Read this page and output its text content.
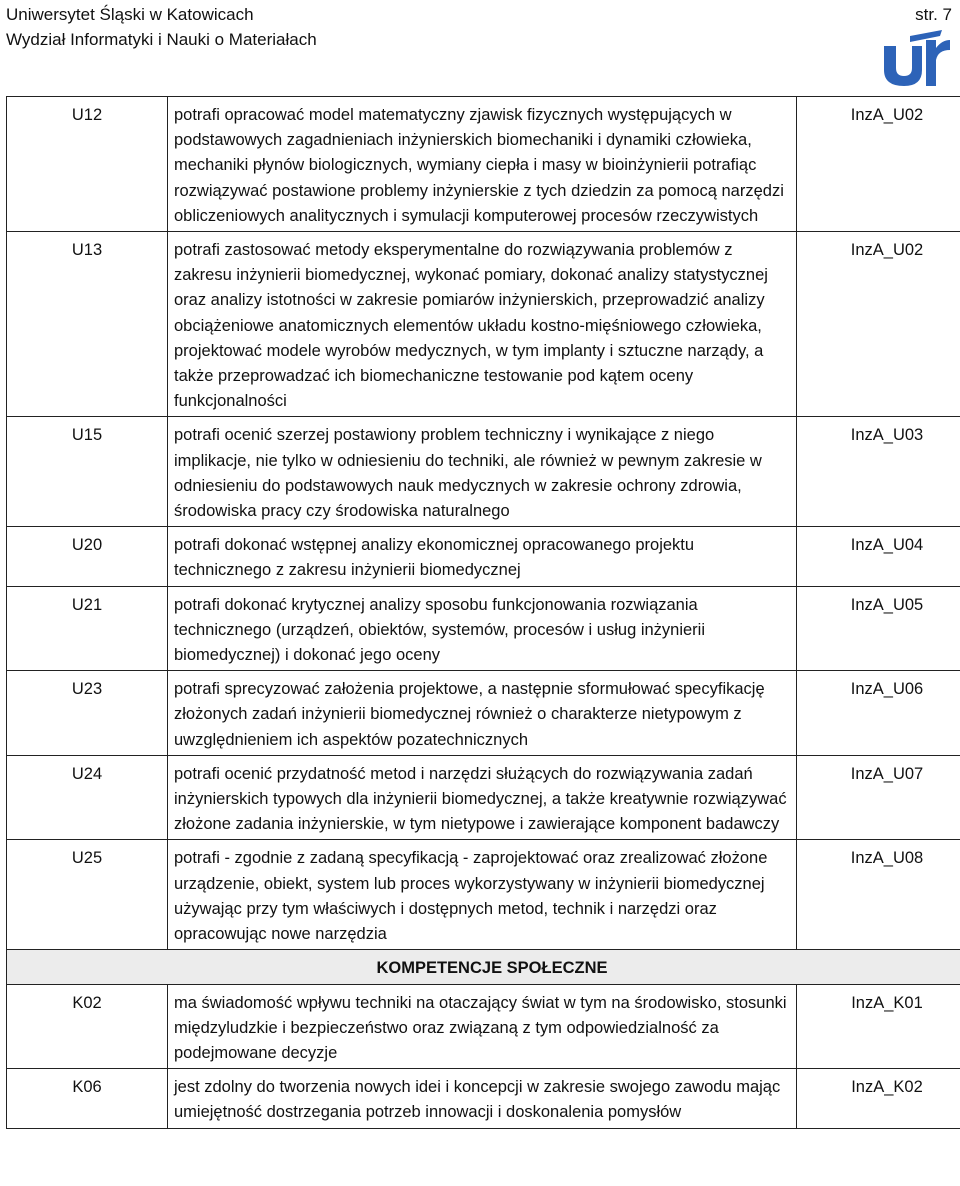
Uniwersytet Śląski w Katowicach
Wydział Informatyki i Nauki o Materiałach
str. 7
U12	potrafi opracować model matematyczny zjawisk fizycznych występujących w podstawowych zagadnieniach inżynierskich biomechaniki i dynamiki człowieka, mechaniki płynów biologicznych, wymiany ciepła i masy w bioinżynierii potrafiąc rozwiązywać postawione problemy inżynierskie z tych dziedzin za pomocą narzędzi obliczeniowych analitycznych i symulacji komputerowej procesów rzeczywistych	InzA_U02
U13	potrafi zastosować metody eksperymentalne do rozwiązywania problemów z zakresu inżynierii biomedycznej, wykonać pomiary, dokonać analizy statystycznej oraz analizy istotności w zakresie pomiarów inżynierskich, przeprowadzić analizy obciążeniowe anatomicznych elementów układu kostno-mięśniowego człowieka, projektować modele wyrobów medycznych, w tym implanty i sztuczne narządy, a także przeprowadzać ich biomechaniczne testowanie pod kątem oceny funkcjonalności	InzA_U02
U15	potrafi ocenić szerzej postawiony problem techniczny i wynikające z niego implikacje, nie tylko w odniesieniu do techniki, ale również w pewnym zakresie w odniesieniu do podstawowych nauk medycznych w zakresie ochrony zdrowia, środowiska pracy czy środowiska naturalnego	InzA_U03
U20	potrafi dokonać wstępnej analizy ekonomicznej opracowanego projektu technicznego z zakresu inżynierii biomedycznej	InzA_U04
U21	potrafi dokonać krytycznej analizy sposobu funkcjonowania rozwiązania technicznego (urządzeń, obiektów, systemów, procesów i usług inżynierii biomedycznej) i dokonać jego oceny	InzA_U05
U23	potrafi sprecyzować założenia projektowe, a następnie sformułować specyfikację złożonych zadań inżynierii biomedycznej również o charakterze nietypowym z uwzględnieniem ich aspektów pozatechnicznych	InzA_U06
U24	potrafi ocenić przydatność metod i narzędzi służących do rozwiązywania zadań inżynierskich typowych dla inżynierii biomedycznej, a także kreatywnie rozwiązywać złożone zadania inżynierskie, w tym nietypowe i zawierające komponent badawczy	InzA_U07
U25	potrafi - zgodnie z zadaną specyfikacją - zaprojektować oraz zrealizować złożone urządzenie, obiekt, system lub proces wykorzystywany w inżynierii biomedycznej używając przy tym właściwych i dostępnych metod, technik i narzędzi oraz opracowując nowe narzędzia	InzA_U08
KOMPETENCJE SPOŁECZNE		
K02	ma świadomość wpływu techniki na otaczający świat w tym na środowisko, stosunki międzyludzkie i bezpieczeństwo oraz związaną z tym odpowiedzialność za podejmowane decyzje	InzA_K01
K06	jest zdolny do tworzenia nowych idei i koncepcji w zakresie swojego zawodu mając umiejętność dostrzegania potrzeb innowacji i doskonalenia pomysłów	InzA_K02
